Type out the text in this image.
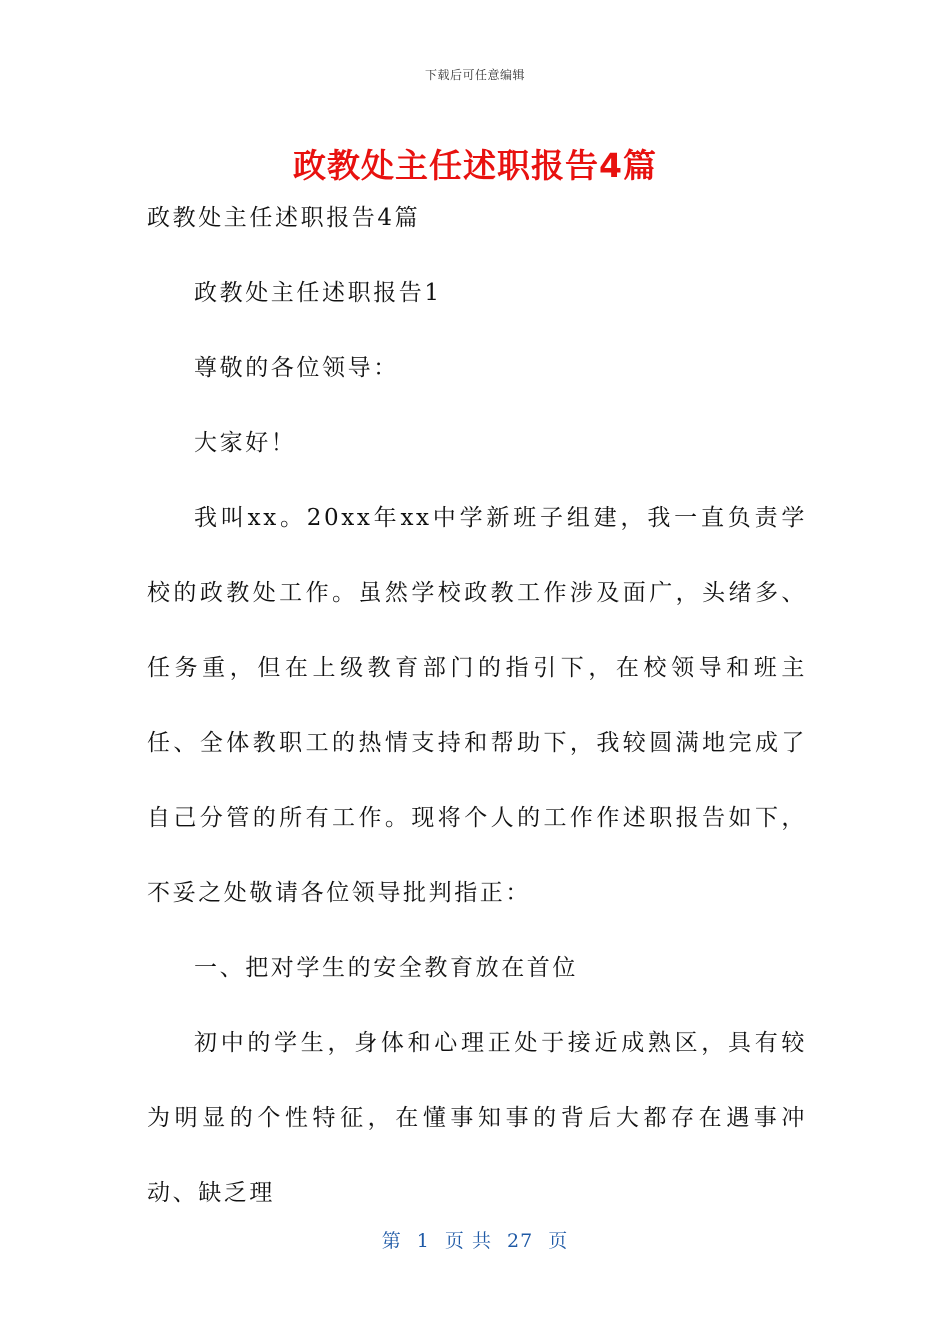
下载后可任意编辑
政教处主任述职报告4篇

政教处主任述职报告4篇

政教处主任述职报告1

尊敬的各位领导：

大家好！

我叫xx。20xx年xx中学新班子组建，我一直负责学校的政教处工作。虽然学校政教工作涉及面广，头绪多、任务重，但在上级教育部门的指引下，在校领导和班主任、全体教职工的热情支持和帮助下，我较圆满地完成了自己分管的所有工作。现将个人的工作作述职报告如下，不妥之处敬请各位领导批判指正：

一、把对学生的安全教育放在首位

初中的学生，身体和心理正处于接近成熟区，具有较为明显的个性特征，在懂事知事的背后大都存在遇事冲动、缺乏理

第 1 页 共 27 页
